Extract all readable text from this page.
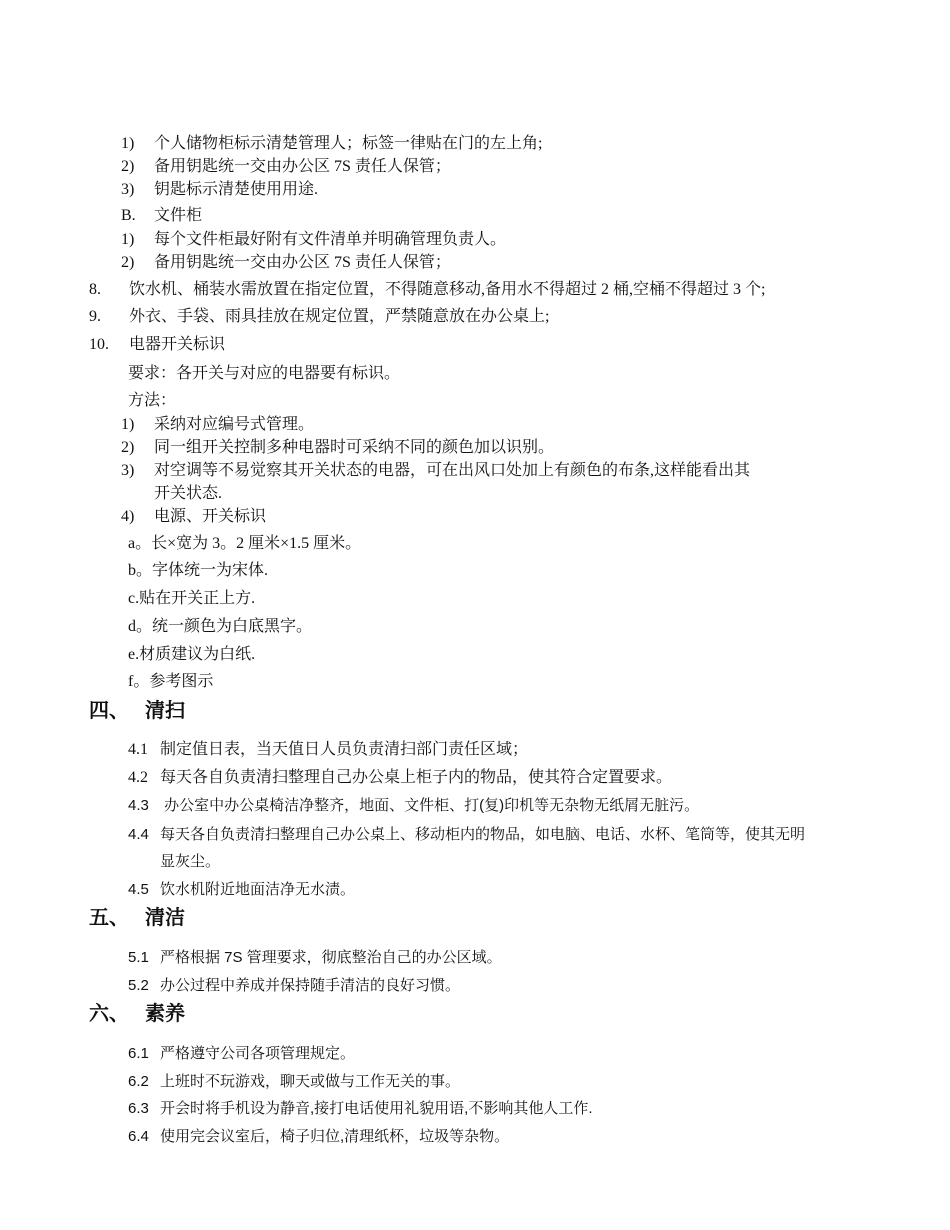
1) 个人储物柜标示清楚管理人；标签一律贴在门的左上角;
2) 备用钥匙统一交由办公区 7S 责任人保管；
3) 钥匙标示清楚使用用途.
B. 文件柜
1) 每个文件柜最好附有文件清单并明确管理负责人。
2) 备用钥匙统一交由办公区 7S 责任人保管；
8. 饮水机、桶装水需放置在指定位置，不得随意移动,备用水不得超过 2 桶,空桶不得超过 3 个;
9. 外衣、手袋、雨具挂放在规定位置，严禁随意放在办公桌上;
10. 电器开关标识
要求：各开关与对应的电器要有标识。
方法：
1) 采纳对应编号式管理。
2) 同一组开关控制多种电器时可采纳不同的颜色加以识别。
3) 对空调等不易觉察其开关状态的电器，可在出风口处加上有颜色的布条,这样能看出其
开关状态.
4) 电源、开关标识
a。长×宽为 3。2 厘米×1.5 厘米。
b。字体统一为宋体.
c.贴在开关正上方.
d。统一颜色为白底黑字。
e.材质建议为白纸.
f。参考图示
四、 清扫
4.1 制定值日表，当天值日人员负责清扫部门责任区域；
4.2 每天各自负责清扫整理自己办公桌上柜子内的物品，使其符合定置要求。
4.3 办公室中办公桌椅洁净整齐，地面、文件柜、打(复)印机等无杂物无纸屑无脏污。
4.4 每天各自负责清扫整理自己办公桌上、移动柜内的物品，如电脑、电话、水杯、笔筒等，使其无明
显灰尘。
4.5 饮水机附近地面洁净无水渍。
五、 清洁
5.1 严格根据 7S 管理要求，彻底整治自己的办公区域。
5.2 办公过程中养成并保持随手清洁的良好习惯。
六、 素养
6.1 严格遵守公司各项管理规定。
6.2 上班时不玩游戏，聊天或做与工作无关的事。
6.3 开会时将手机设为静音,接打电话使用礼貌用语,不影响其他人工作.
6.4 使用完会议室后，椅子归位,清理纸杯，垃圾等杂物。
